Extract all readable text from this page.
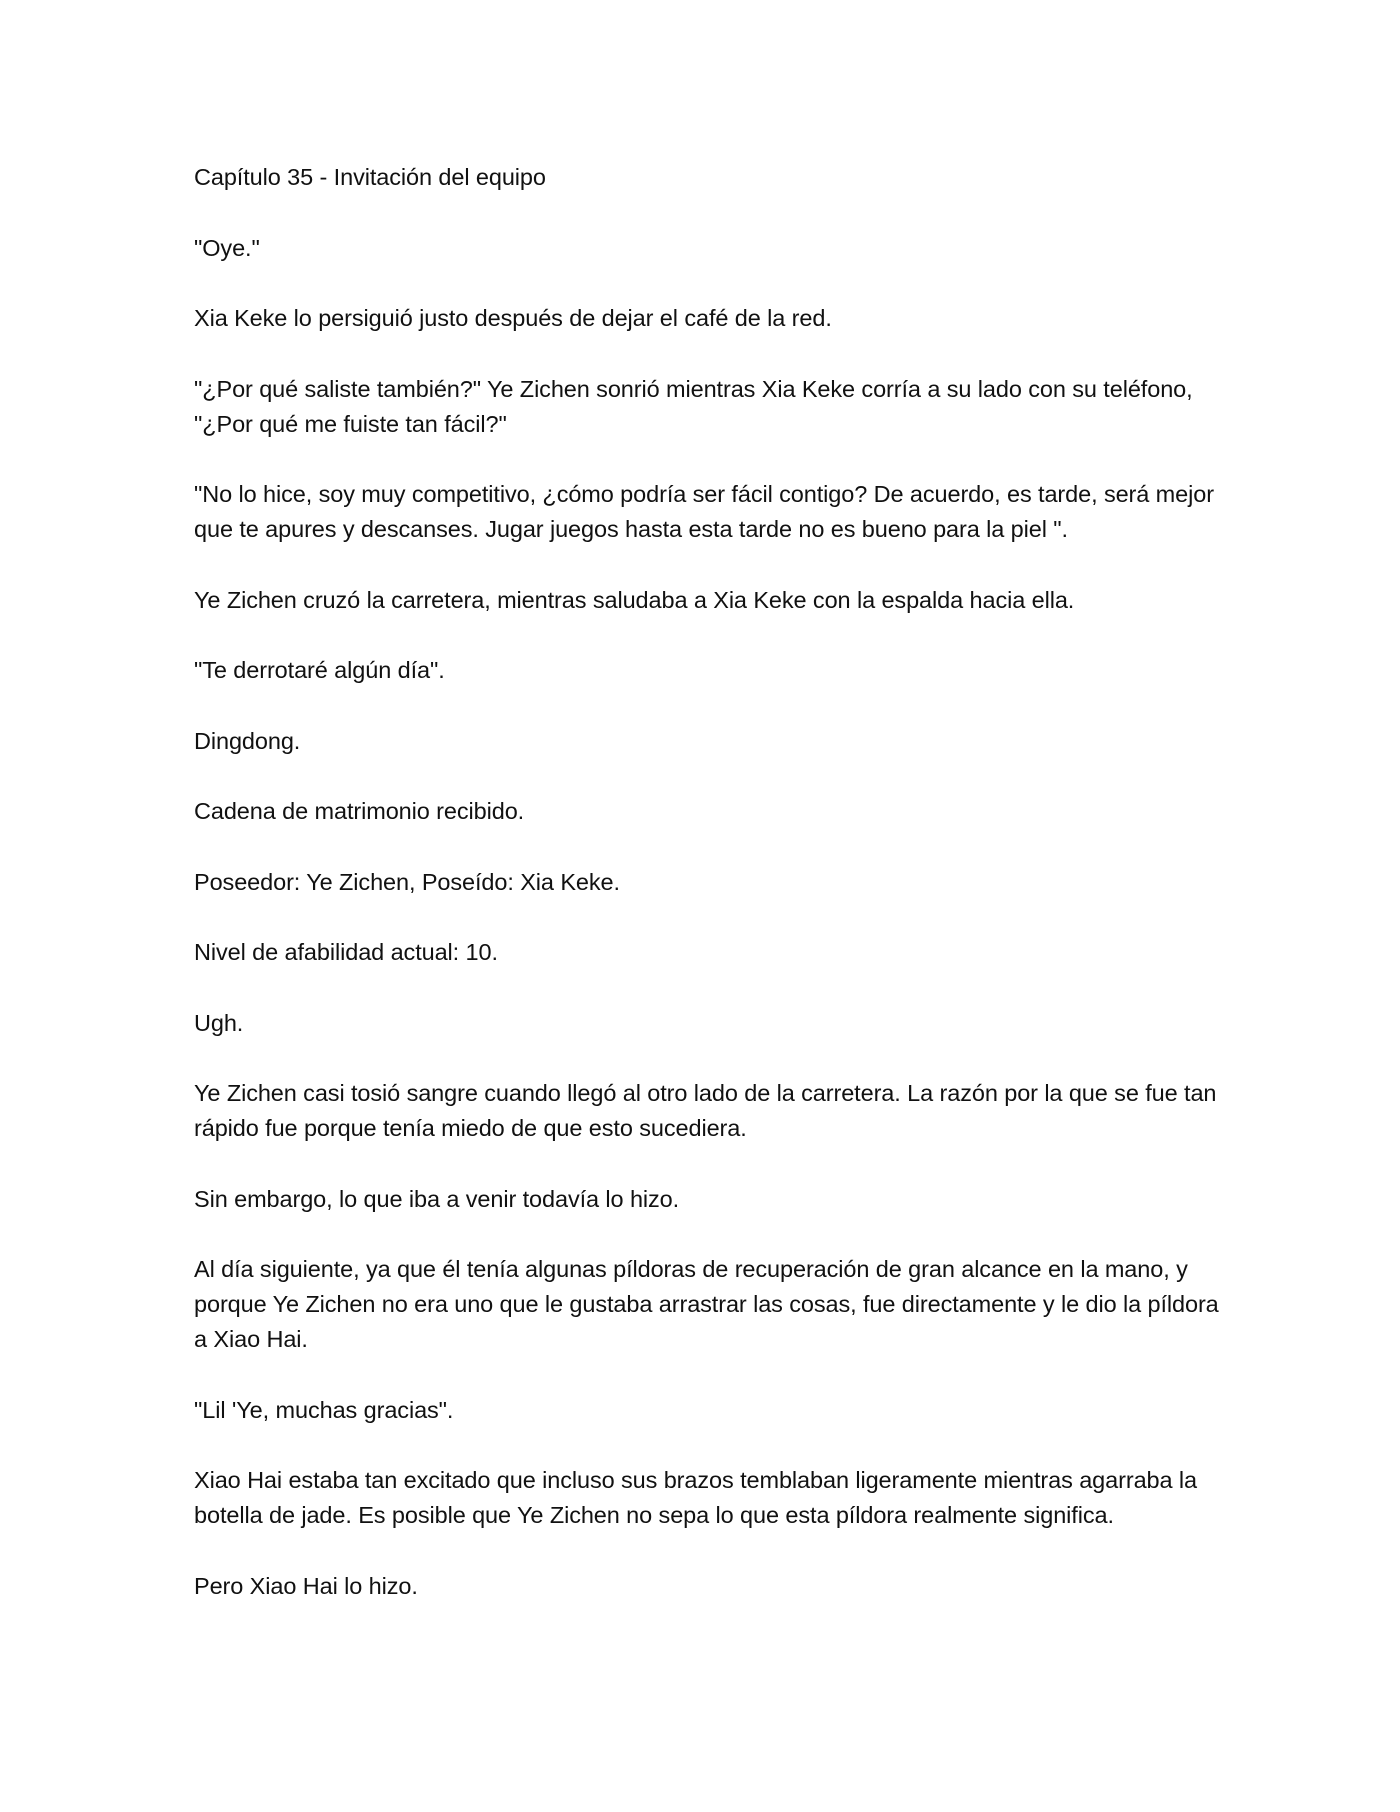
Capítulo 35 - Invitación del equipo

"Oye."

Xia Keke lo persiguió justo después de dejar el café de la red.

"¿Por qué saliste también?" Ye Zichen sonrió mientras Xia Keke corría a su lado con su teléfono, "¿Por qué me fuiste tan fácil?"

"No lo hice, soy muy competitivo, ¿cómo podría ser fácil contigo? De acuerdo, es tarde, será mejor que te apures y descanses. Jugar juegos hasta esta tarde no es bueno para la piel ".

Ye Zichen cruzó la carretera, mientras saludaba a Xia Keke con la espalda hacia ella.

"Te derrotaré algún día".

Dingdong.

Cadena de matrimonio recibido.

Poseedor: Ye Zichen, Poseído: Xia Keke.

Nivel de afabilidad actual: 10.

Ugh.

Ye Zichen casi tosió sangre cuando llegó al otro lado de la carretera. La razón por la que se fue tan rápido fue porque tenía miedo de que esto sucediera.

Sin embargo, lo que iba a venir todavía lo hizo.

Al día siguiente, ya que él tenía algunas píldoras de recuperación de gran alcance en la mano, y porque Ye Zichen no era uno que le gustaba arrastrar las cosas, fue directamente y le dio la píldora a Xiao Hai.

"Lil 'Ye, muchas gracias".

Xiao Hai estaba tan excitado que incluso sus brazos temblaban ligeramente mientras agarraba la botella de jade. Es posible que Ye Zichen no sepa lo que esta píldora realmente significa.

Pero Xiao Hai lo hizo.
